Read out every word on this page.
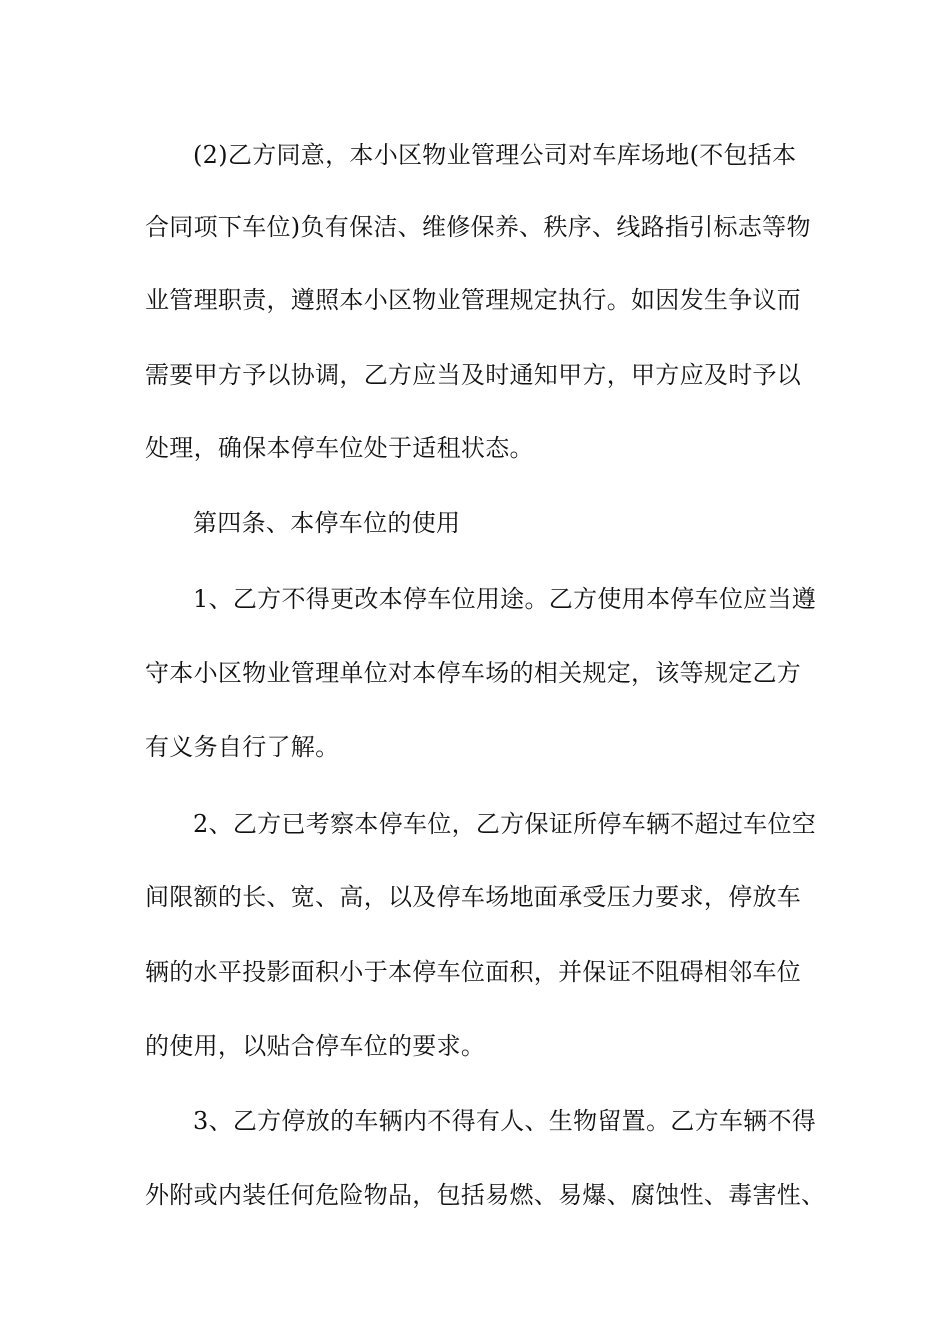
(2)乙方同意，本小区物业管理公司对车库场地(不包括本
合同项下车位)负有保洁、维修保养、秩序、线路指引标志等物
业管理职责，遵照本小区物业管理规定执行。如因发生争议而
需要甲方予以协调，乙方应当及时通知甲方，甲方应及时予以
处理，确保本停车位处于适租状态。
第四条、本停车位的使用
1、乙方不得更改本停车位用途。乙方使用本停车位应当遵
守本小区物业管理单位对本停车场的相关规定，该等规定乙方
有义务自行了解。
2、乙方已考察本停车位，乙方保证所停车辆不超过车位空
间限额的长、宽、高，以及停车场地面承受压力要求，停放车
辆的水平投影面积小于本停车位面积，并保证不阻碍相邻车位
的使用，以贴合停车位的要求。
3、乙方停放的车辆内不得有人、生物留置。乙方车辆不得
外附或内装任何危险物品，包括易燃、易爆、腐蚀性、毒害性、
